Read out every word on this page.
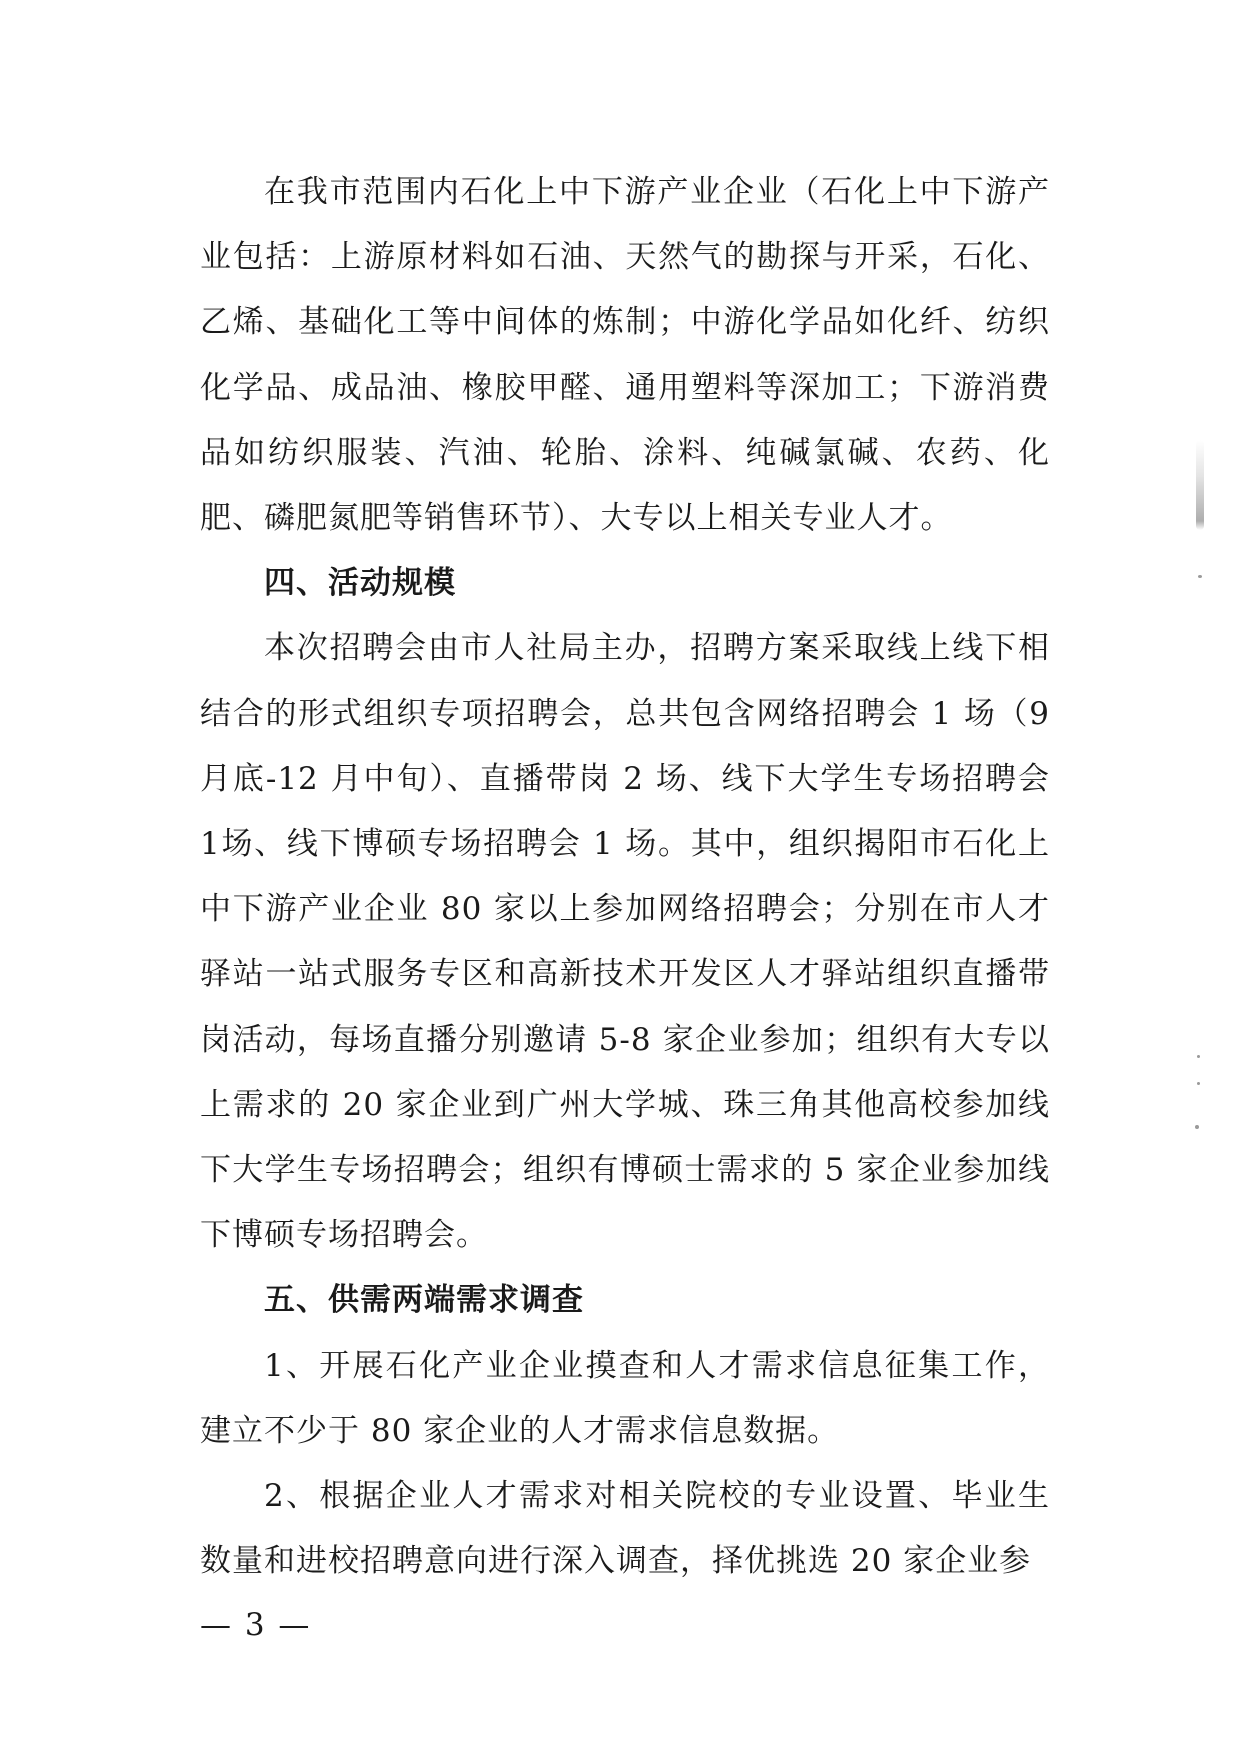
在我市范围内石化上中下游产业企业（石化上中下游产业包括：上游原材料如石油、天然气的勘探与开采，石化、乙烯、基础化工等中间体的炼制；中游化学品如化纤、纺织化学品、成品油、橡胶甲醛、通用塑料等深加工；下游消费品如纺织服装、汽油、轮胎、涂料、纯碱氯碱、农药、化肥、磷肥氮肥等销售环节）、大专以上相关专业人才。

四、活动规模

本次招聘会由市人社局主办，招聘方案采取线上线下相结合的形式组织专项招聘会，总共包含网络招聘会 1 场（9月底-12 月中旬）、直播带岗 2 场、线下大学生专场招聘会 1场、线下博硕专场招聘会 1 场。其中，组织揭阳市石化上中下游产业企业 80 家以上参加网络招聘会；分别在市人才驿站一站式服务专区和高新技术开发区人才驿站组织直播带岗活动，每场直播分别邀请 5-8 家企业参加；组织有大专以上需求的 20 家企业到广州大学城、珠三角其他高校参加线下大学生专场招聘会；组织有博硕士需求的 5 家企业参加线下博硕专场招聘会。

五、供需两端需求调查

1、开展石化产业企业摸查和人才需求信息征集工作，建立不少于 80 家企业的人才需求信息数据。

2、根据企业人才需求对相关院校的专业设置、毕业生数量和进校招聘意向进行深入调查，择优挑选 20 家企业参

— 3 —
